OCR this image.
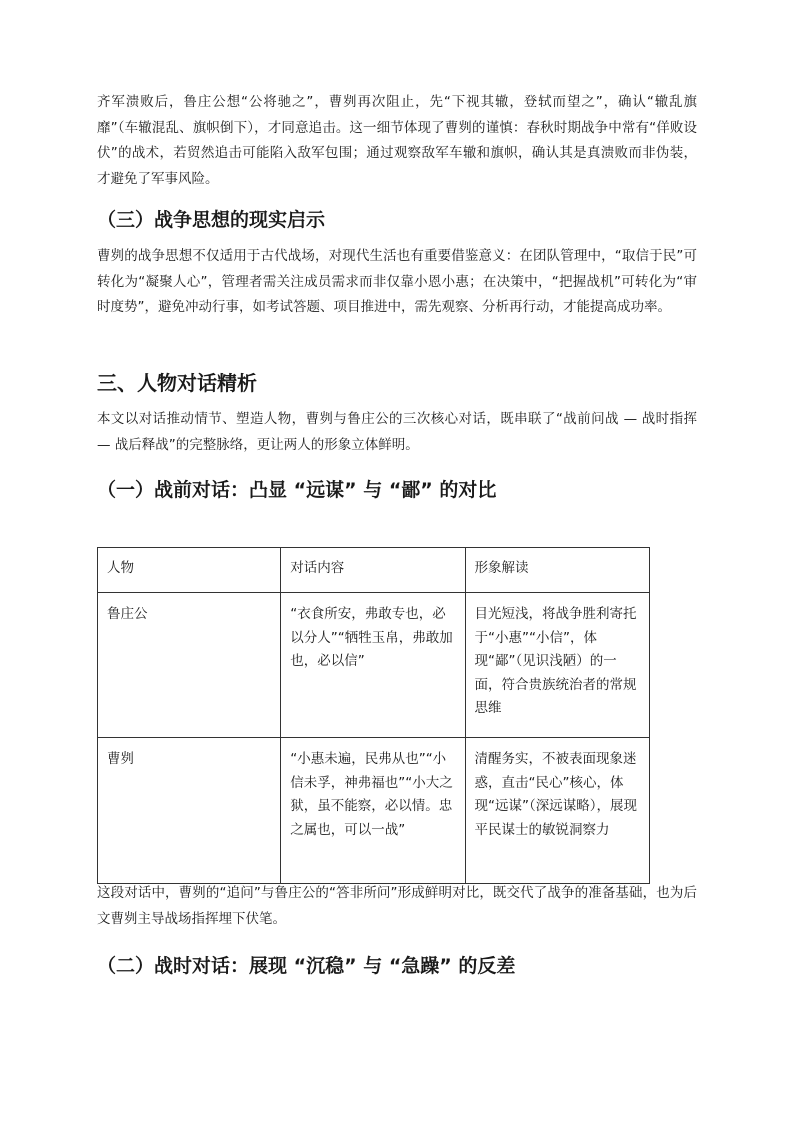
齐军溃败后，鲁庄公想“公将驰之”，曹刿再次阻止，先“下视其辙，登轼而望之”，确认“辙乱旗靡”（车辙混乱、旗帜倒下），才同意追击。这一细节体现了曹刿的谨慎：春秋时期战争中常有“佯败设伏”的战术，若贸然追击可能陷入敌军包围；通过观察敌军车辙和旗帜，确认其是真溃败而非伪装，才避免了军事风险。

（三）战争思想的现实启示

曹刿的战争思想不仅适用于古代战场，对现代生活也有重要借鉴意义：在团队管理中，“取信于民”可转化为“凝聚人心”，管理者需关注成员需求而非仅靠小恩小惠；在决策中，“把握战机”可转化为“审时度势”，避免冲动行事，如考试答题、项目推进中，需先观察、分析再行动，才能提高成功率。

三、人物对话精析

本文以对话推动情节、塑造人物，曹刿与鲁庄公的三次核心对话，既串联了“战前问战 — 战时指挥 — 战后释战”的完整脉络，更让两人的形象立体鲜明。

（一）战前对话：凸显 “远谋” 与 “鄙” 的对比
人物	对话内容	形象解读
鲁庄公	“衣食所安，弗敢专也，必以分人”“牺牲玉帛，弗敢加也，必以信”	目光短浅，将战争胜利寄托于“小惠”“小信”，体现“鄙”（见识浅陋）的一面，符合贵族统治者的常规思维
曹刿	“小惠未遍，民弗从也”“小信未孚，神弗福也”“小大之狱，虽不能察，必以情。忠之属也，可以一战”	清醒务实，不被表面现象迷惑，直击“民心”核心，体现“远谋”（深远谋略），展现平民谋士的敏锐洞察力

这段对话中，曹刿的“追问”与鲁庄公的“答非所问”形成鲜明对比，既交代了战争的准备基础，也为后文曹刿主导战场指挥埋下伏笔。

（二）战时对话：展现 “沉稳” 与 “急躁” 的反差
